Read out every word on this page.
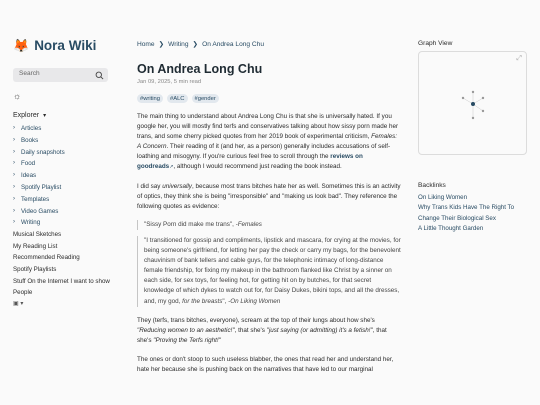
🦊 Nora Wiki
Search
☼
Explorer ▾
› Articles
› Books
› Daily snapshots
› Food
› Ideas
› Spotify Playlist
› Templates
› Video Games
› Writing
Musical Sketches
My Reading List
Recommended Reading
Spotify Playlists
Stuff On the Internet I want to show People
▣ ▾
Home ❯ Writing ❯ On Andrea Long Chu
On Andrea Long Chu
Jan 09, 2025, 5 min read
#writing	#ALC	#gender

The main thing to understand about Andrea Long Chu is that she is universally hated. If you google her, you will mostly find terfs and conservatives talking about how sissy porn made her trans, and some cherry picked quotes from her 2019 book of experimental criticism, Females: A Concern. Their reading of it (and her, as a person) generally includes accusations of self-loathing and misogyny. If you're curious feel free to scroll through the reviews on goodreads↗, although I would recommend just reading the book instead.

I did say universally, because most trans bitches hate her as well. Sometimes this is an activity of optics, they think she is being "irresponsible" and "making us look bad". They reference the following quotes as evidence:

"Sissy Porn did make me trans", -Females
"I transitioned for gossip and compliments, lipstick and mascara, for crying at the movies, for being someone's girlfriend, for letting her pay the check or carry my bags, for the benevolent chauvinism of bank tellers and cable guys, for the telephonic intimacy of long-distance female friendship, for fixing my makeup in the bathroom flanked like Christ by a sinner on each side, for sex toys, for feeling hot, for getting hit on by butches, for that secret knowledge of which dykes to watch out for, for Daisy Dukes, bikini tops, and all the dresses, and, my god, for the breasts", -On Liking Women

They (terfs, trans bitches, everyone), scream at the top of their lungs about how she's "Reducing women to an aesthetic!", that she's "just saying (or admitting) it's a fetish!", that she's "Proving the Terfs right!"

The ones or don't stoop to such useless blabber, the ones that read her and understand her, hate her because she is pushing back on the narratives that have led to our marginal

Graph View
⤢
Backlinks
On Liking Women
Why Trans Kids Have The Right To Change Their Biological Sex
A Little Thought Garden
